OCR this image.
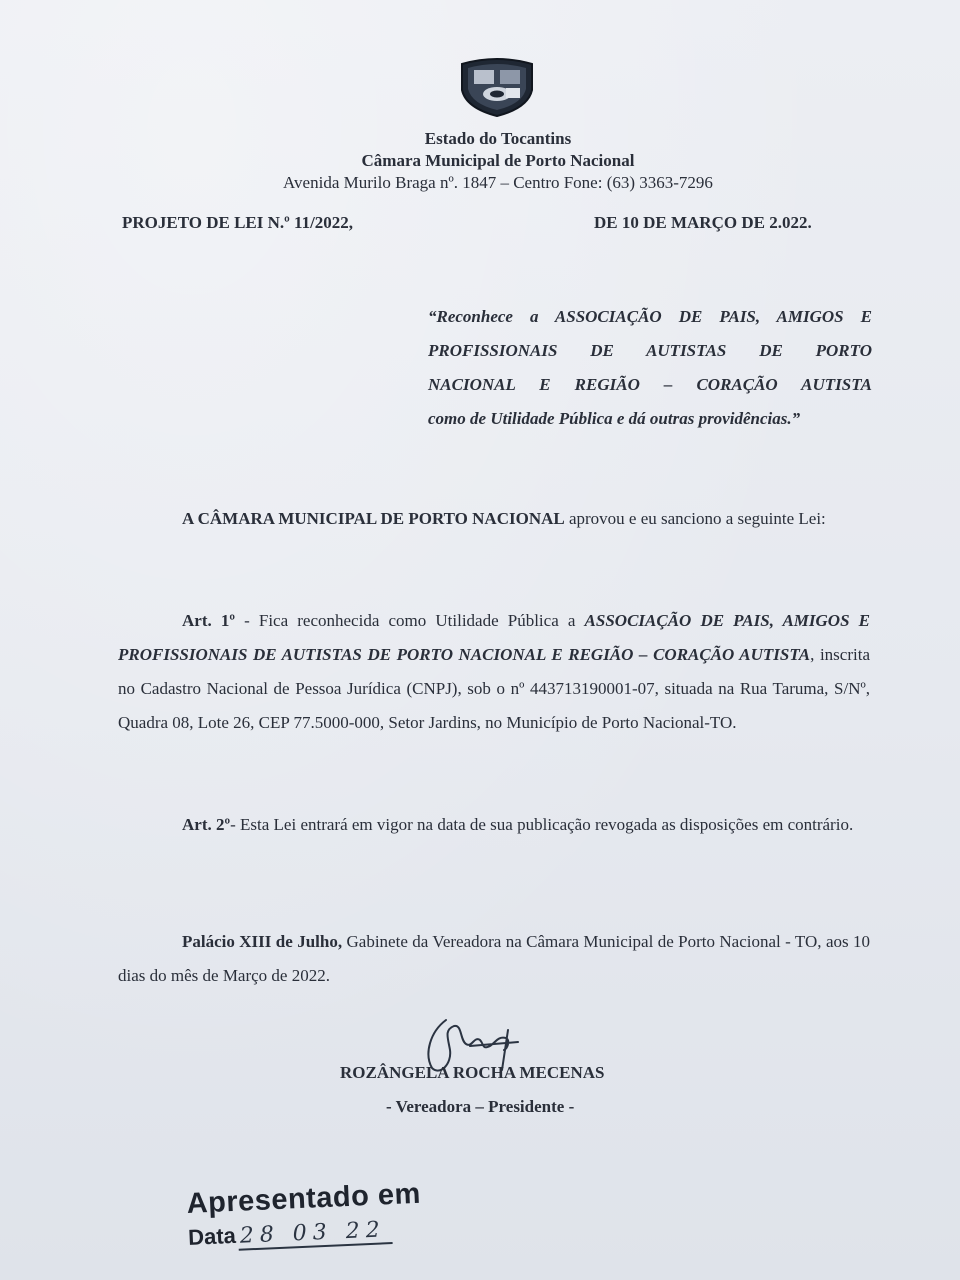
Estado do Tocantins
Câmara Municipal de Porto Nacional
Avenida Murilo Braga nº. 1847 – Centro Fone: (63) 3363-7296
PROJETO DE LEI N.º 11/2022,	DE 10 DE MARÇO DE 2.022.
“Reconhece a ASSOCIAÇÃO DE PAIS, AMIGOS E
PROFISSIONAIS DE AUTISTAS DE PORTO
NACIONAL E REGIÃO – CORAÇÃO AUTISTA
como de Utilidade Pública e dá outras providências.”
A CÂMARA MUNICIPAL DE PORTO NACIONAL aprovou e eu sanciono a seguinte Lei:
Art. 1º - Fica reconhecida como Utilidade Pública a ASSOCIAÇÃO DE PAIS, AMIGOS E PROFISSIONAIS DE AUTISTAS DE PORTO NACIONAL E REGIÃO – CORAÇÃO AUTISTA, inscrita no Cadastro Nacional de Pessoa Jurídica (CNPJ), sob o nº 443713190001-07, situada na Rua Taruma, S/Nº, Quadra 08, Lote 26, CEP 77.5000-000, Setor Jardins, no Município de Porto Nacional-TO.
Art. 2º- Esta Lei entrará em vigor na data de sua publicação revogada as disposições em contrário.
Palácio XIII de Julho, Gabinete da Vereadora na Câmara Municipal de Porto Nacional - TO, aos 10 dias do mês de Março de 2022.
ROZÂNGELA ROCHA MECENAS
- Vereadora – Presidente -
Apresentado em
Data 28 03 22
